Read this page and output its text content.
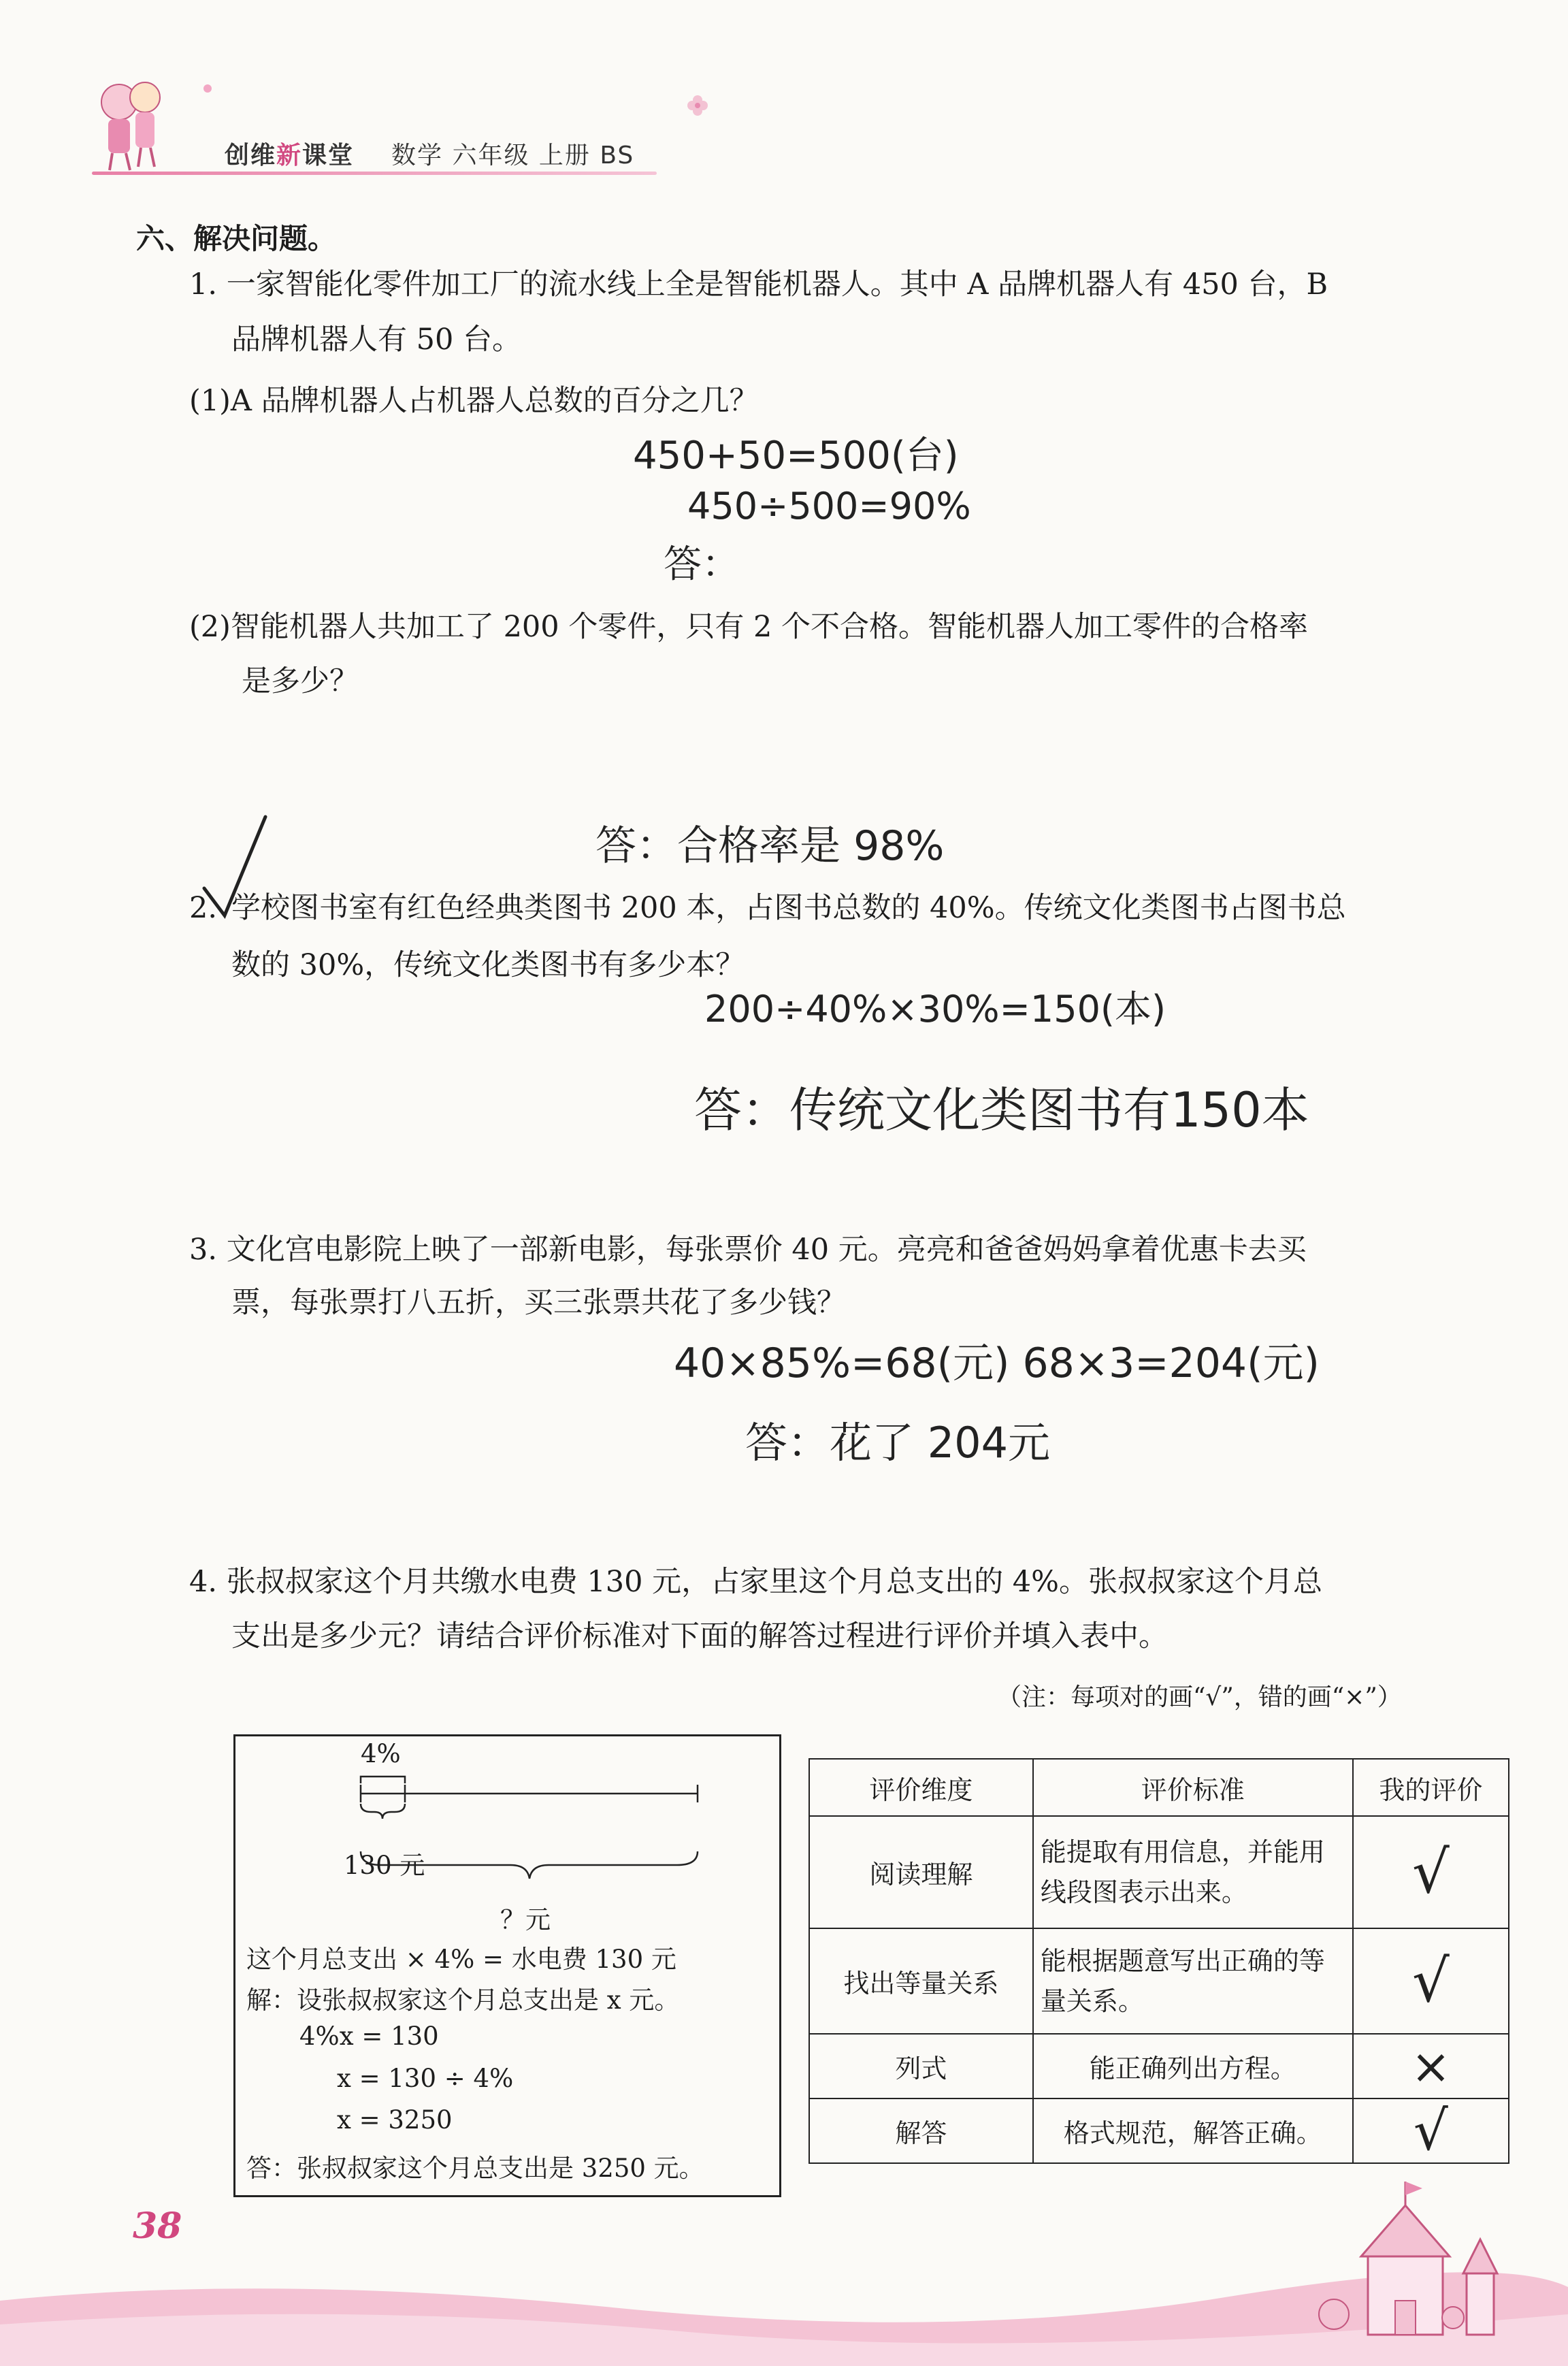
创维新课堂 数学 六年级 上册 BS
六、解决问题。
1. 一家智能化零件加工厂的流水线上全是智能机器人。其中 A 品牌机器人有 450 台，B
品牌机器人有 50 台。
(1)A 品牌机器人占机器人总数的百分之几？
450+50=500(台)
450÷500=90%
答：
(2)智能机器人共加工了 200 个零件，只有 2 个不合格。智能机器人加工零件的合格率
是多少？
答：合格率是 98%
2. 学校图书室有红色经典类图书 200 本，占图书总数的 40%。传统文化类图书占图书总
数的 30%，传统文化类图书有多少本？
200÷40%×30%=150(本)
答：传统文化类图书有150本
3. 文化宫电影院上映了一部新电影，每张票价 40 元。亮亮和爸爸妈妈拿着优惠卡去买
票，每张票打八五折，买三张票共花了多少钱？
40×85%=68(元) 68×3=204(元)
答：花了 204元
4. 张叔叔家这个月共缴水电费 130 元，占家里这个月总支出的 4%。张叔叔家这个月总
支出是多少元？请结合评价标准对下面的解答过程进行评价并填入表中。
（注：每项对的画“√”，错的画“×”）
4%
130 元
？元
这个月总支出 × 4% = 水电费 130 元
解：设张叔叔家这个月总支出是 x 元。
4%x = 130
x = 130 ÷ 4%
x = 3250
答：张叔叔家这个月总支出是 3250 元。
评价维度	评价标准	我的评价
阅读理解	能提取有用信息，并能用线段图表示出来。	√
找出等量关系	能根据题意写出正确的等量关系。	√
列式	能正确列出方程。	×
解答	格式规范，解答正确。	√
38
